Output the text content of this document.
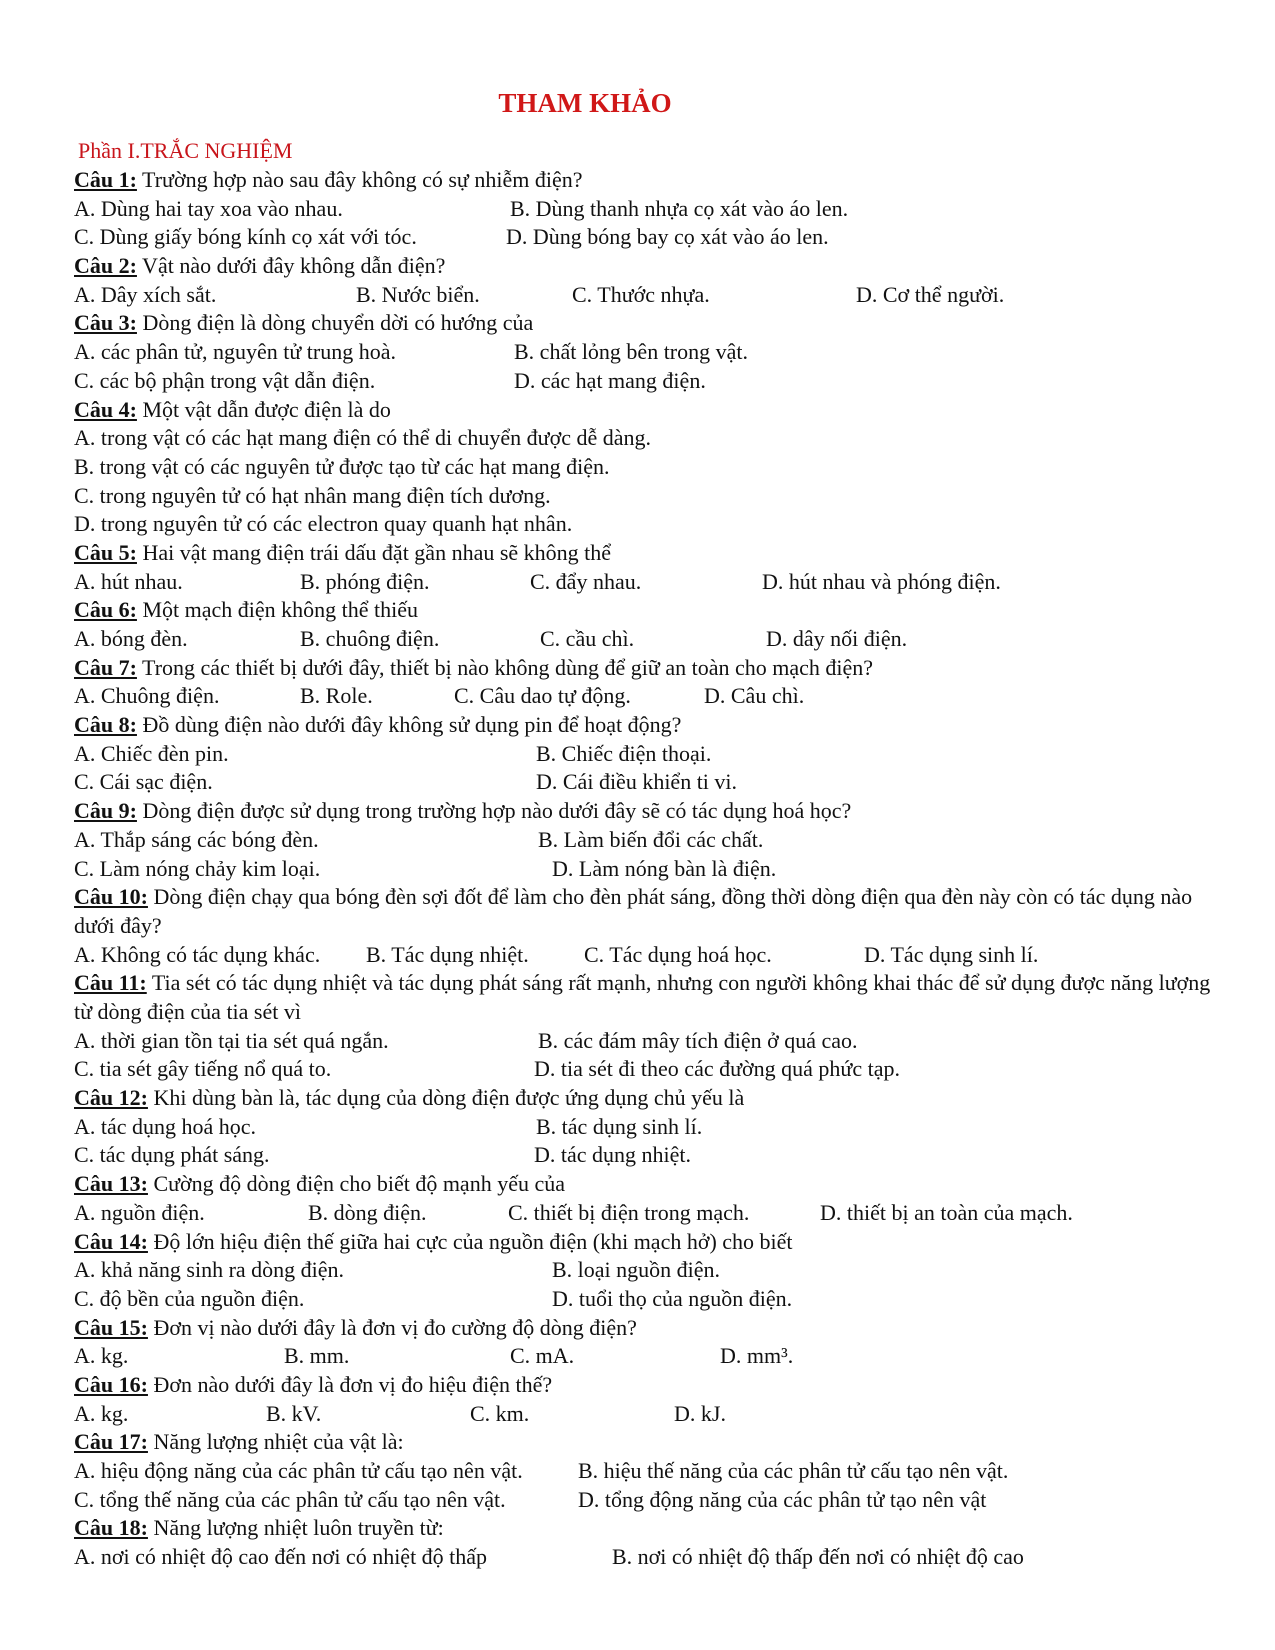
THAM KHẢO
Phần I.TRẮC NGHIỆM
Câu 1: Trường hợp nào sau đây không có sự nhiễm điện?
A. Dùng hai tay xoa vào nhau.	B. Dùng thanh nhựa cọ xát vào áo len.
C. Dùng giấy bóng kính cọ xát với tóc.	D. Dùng bóng bay cọ xát vào áo len.
Câu 2: Vật nào dưới đây không dẫn điện?
A. Dây xích sắt.	B. Nước biển.	C. Thước nhựa.	D. Cơ thể người.
Câu 3: Dòng điện là dòng chuyển dời có hướng của
A. các phân tử, nguyên tử trung hoà.	B. chất lỏng bên trong vật.
C. các bộ phận trong vật dẫn điện.	D. các hạt mang điện.
Câu 4: Một vật dẫn được điện là do
A. trong vật có các hạt mang điện có thể di chuyển được dễ dàng.
B. trong vật có các nguyên tử được tạo từ các hạt mang điện.
C. trong nguyên tử có hạt nhân mang điện tích dương.
D. trong nguyên tử có các electron quay quanh hạt nhân.
Câu 5: Hai vật mang điện trái dấu đặt gần nhau sẽ không thể
A. hút nhau.	B. phóng điện.	C. đẩy nhau.	D. hút nhau và phóng điện.
Câu 6: Một mạch điện không thể thiếu
A. bóng đèn.	B. chuông điện.	C. cầu chì.	D. dây nối điện.
Câu 7: Trong các thiết bị dưới đây, thiết bị nào không dùng để giữ an toàn cho mạch điện?
A. Chuông điện.	B. Role.	C. Câu dao tự động.	D. Câu chì.
Câu 8: Đồ dùng điện nào dưới đây không sử dụng pin để hoạt động?
A. Chiếc đèn pin.	B. Chiếc điện thoại.
C. Cái sạc điện.	D. Cái điều khiển ti vi.
Câu 9: Dòng điện được sử dụng trong trường hợp nào dưới đây sẽ có tác dụng hoá học?
A. Thắp sáng các bóng đèn.	B. Làm biến đổi các chất.
C. Làm nóng chảy kim loại.	D. Làm nóng bàn là điện.
Câu 10: Dòng điện chạy qua bóng đèn sợi đốt để làm cho đèn phát sáng, đồng thời dòng điện qua đèn này còn có tác dụng nào dưới đây?
A. Không có tác dụng khác. B. Tác dụng nhiệt.	C. Tác dụng hoá học.	D. Tác dụng sinh lí.
Câu 11: Tia sét có tác dụng nhiệt và tác dụng phát sáng rất mạnh, nhưng con người không khai thác để sử dụng được năng lượng từ dòng điện của tia sét vì
A. thời gian tồn tại tia sét quá ngắn.	B. các đám mây tích điện ở quá cao.
C. tia sét gây tiếng nổ quá to.	D. tia sét đi theo các đường quá phức tạp.
Câu 12: Khi dùng bàn là, tác dụng của dòng điện được ứng dụng chủ yếu là
A. tác dụng hoá học.	B. tác dụng sinh lí.
C. tác dụng phát sáng.	D. tác dụng nhiệt.
Câu 13: Cường độ dòng điện cho biết độ mạnh yếu của
A. nguồn điện.	B. dòng điện.	C. thiết bị điện trong mạch.	D. thiết bị an toàn của mạch.
Câu 14: Độ lớn hiệu điện thế giữa hai cực của nguồn điện (khi mạch hở) cho biết
A. khả năng sinh ra dòng điện.	B. loại nguồn điện.
C. độ bền của nguồn điện.	D. tuổi thọ của nguồn điện.
Câu 15: Đơn vị nào dưới đây là đơn vị đo cường độ dòng điện?
A. kg.	B. mm.	C. mA.	D. mm³.
Câu 16: Đơn nào dưới đây là đơn vị đo hiệu điện thế?
A. kg.	B. kV.	C. km.	D. kJ.
Câu 17: Năng lượng nhiệt của vật là:
A. hiệu động năng của các phân tử cấu tạo nên vật.	B. hiệu thế năng của các phân tử cấu tạo nên vật.
C. tổng thế năng của các phân tử cấu tạo nên vật.	D. tổng động năng của các phân tử tạo nên vật
Câu 18: Năng lượng nhiệt luôn truyền từ:
A. nơi có nhiệt độ cao đến nơi có nhiệt độ thấp	B. nơi có nhiệt độ thấp đến nơi có nhiệt độ cao
